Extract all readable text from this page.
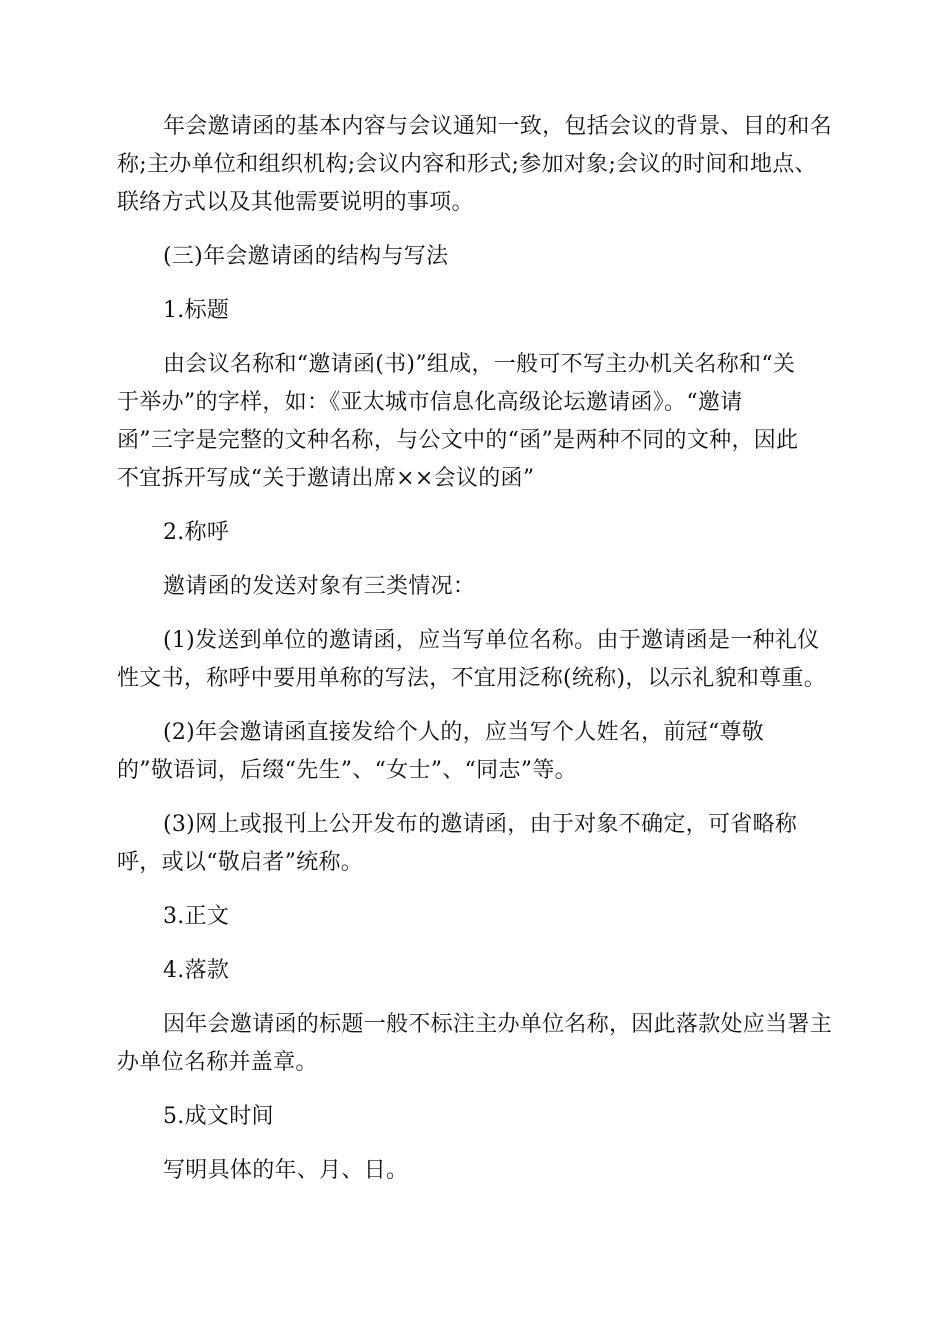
年会邀请函的基本内容与会议通知一致，包括会议的背景、目的和名
称;主办单位和组织机构;会议内容和形式;参加对象;会议的时间和地点、
联络方式以及其他需要说明的事项。

(三)年会邀请函的结构与写法

1.标题

由会议名称和“邀请函(书)”组成，一般可不写主办机关名称和“关
于举办”的字样，如：《亚太城市信息化高级论坛邀请函》。“邀请
函”三字是完整的文种名称，与公文中的“函”是两种不同的文种，因此
不宜拆开写成“关于邀请出席××会议的函”

2.称呼

邀请函的发送对象有三类情况：

(1)发送到单位的邀请函，应当写单位名称。由于邀请函是一种礼仪
性文书，称呼中要用单称的写法，不宜用泛称(统称)，以示礼貌和尊重。

(2)年会邀请函直接发给个人的，应当写个人姓名，前冠“尊敬
的”敬语词，后缀“先生”、“女士”、“同志”等。

(3)网上或报刊上公开发布的邀请函，由于对象不确定，可省略称
呼，或以“敬启者”统称。

3.正文

4.落款

因年会邀请函的标题一般不标注主办单位名称，因此落款处应当署主
办单位名称并盖章。

5.成文时间

写明具体的年、月、日。
